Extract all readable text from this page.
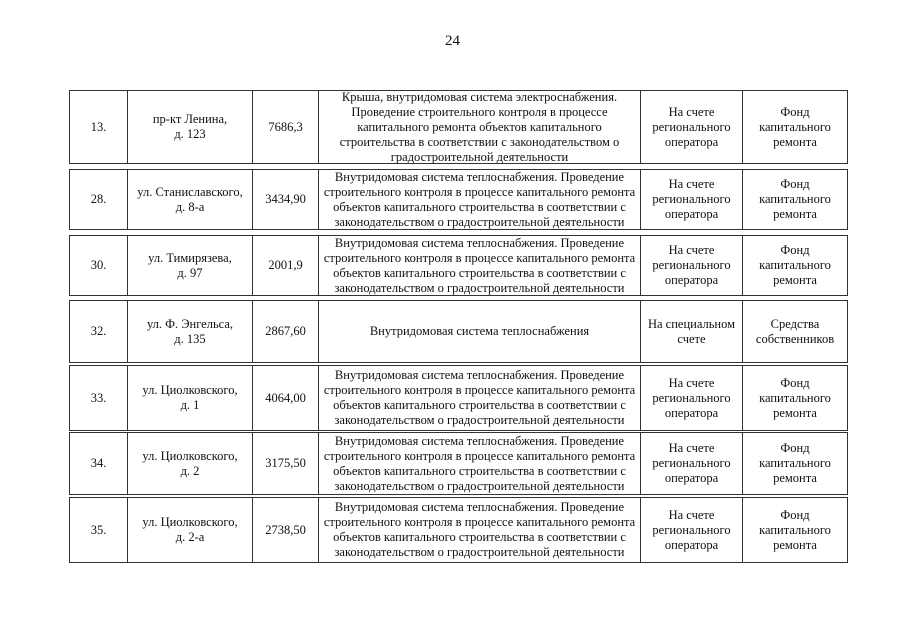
24
13.
пр-кт Ленина,
д. 123
7686,3
Крыша, внутридомовая система электроснабжения.
Проведение строительного контроля в процессе
капитального ремонта объектов капитального
строительства в соответствии с законодательством о
градостроительной деятельности
На счете
регионального
оператора
Фонд
капитального
ремонта
28.
ул. Станиславского,
д. 8-а
3434,90
Внутридомовая система теплоснабжения. Проведение
строительного контроля в процессе капитального ремонта
объектов капитального строительства в соответствии с
законодательством о градостроительной деятельности
На счете
регионального
оператора
Фонд
капитального
ремонта
30.
ул. Тимирязева,
д. 97
2001,9
Внутридомовая система теплоснабжения. Проведение
строительного контроля в процессе капитального ремонта
объектов капитального строительства в соответствии с
законодательством о градостроительной деятельности
На счете
регионального
оператора
Фонд
капитального
ремонта
32.
ул. Ф. Энгельса,
д. 135
2867,60	Внутридомовая система теплоснабжения
На специальном
счете
Средства
собственников
33.
ул. Циолковского,
д. 1
4064,00
Внутридомовая система теплоснабжения. Проведение
строительного контроля в процессе капитального ремонта
объектов капитального строительства в соответствии с
законодательством о градостроительной деятельности
На счете
регионального
оператора
Фонд
капитального
ремонта
34.
ул. Циолковского,
д. 2
3175,50
Внутридомовая система теплоснабжения. Проведение
строительного контроля в процессе капитального ремонта
объектов капитального строительства в соответствии с
законодательством о градостроительной деятельности
На счете
регионального
оператора
Фонд
капитального
ремонта
35.
ул. Циолковского,
д. 2-а
2738,50
Внутридомовая система теплоснабжения. Проведение
строительного контроля в процессе капитального ремонта
объектов капитального строительства в соответствии с
законодательством о градостроительной деятельности
На счете
регионального
оператора
Фонд
капитального
ремонта
